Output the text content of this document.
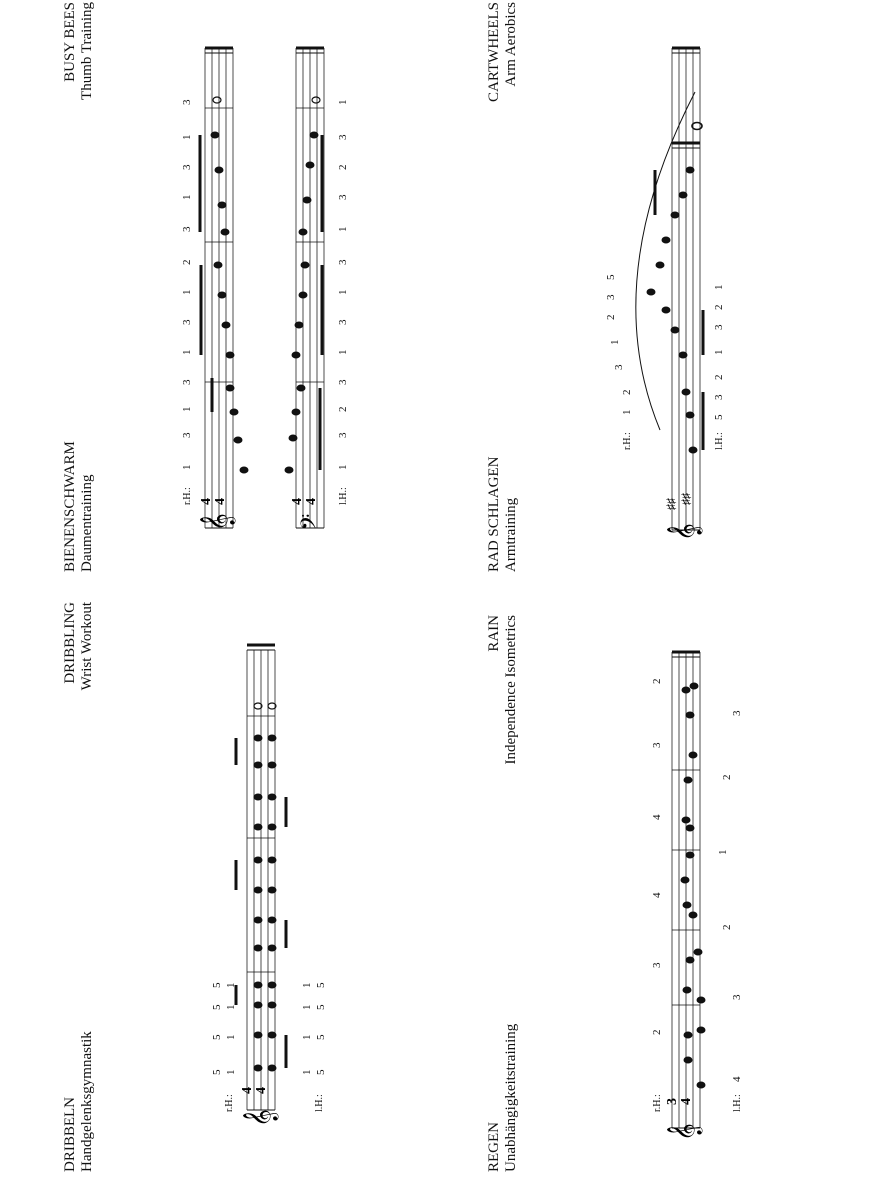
DRIBBELN Handgelenksgymnastik
DRIBBLING Wrist Workout
BIENENSCHWARM Daumentraining
BUSY BEES Thumb Training
REGEN Unabhängigkeitstraining
RAIN Independence Isometrics
RAD SCHLAGEN Armtraining
CARTWHEELS Arm Aerobics
𝄞
4 4
r.H.:	l.H.:
5 1
5 1
5 1
5 1
1 5
1 5
1 5
1 5
𝄞 𝄢
4 4	4 4
r.H.:	l.H.:
1
3
1
3
1
3
1
2
3
1
3
1
3
1
3
2
3
1
3
1
3
1
3
2
3
1
𝄞
3 4
r.H.:	l.H.:
2
3
4
4
3
2
4
3
2
1
2
3
𝄞
♯♯ ♯♯
r.H.:	l.H.:
1
2
3
1
2
3
5
5
3
2
1
3
2
1
